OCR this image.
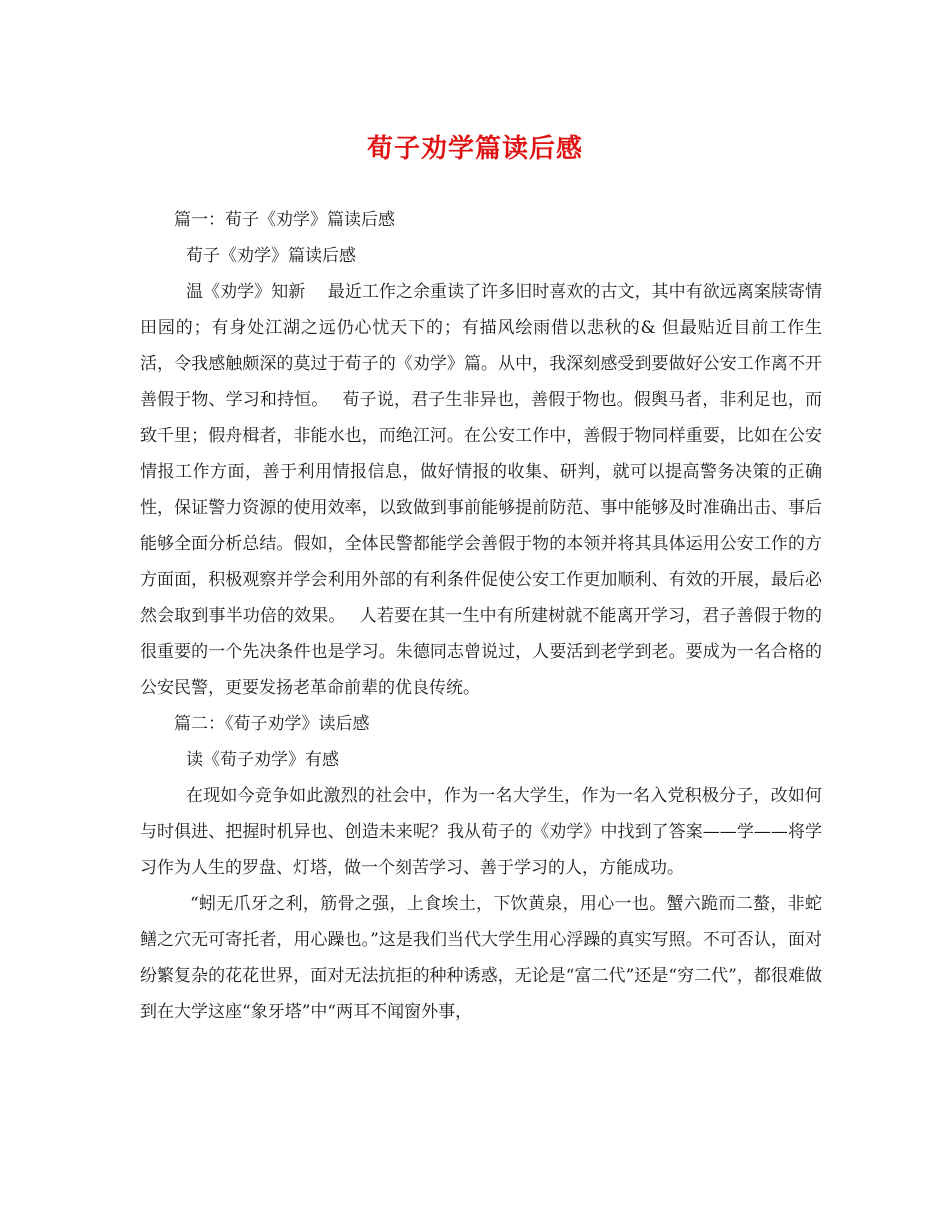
荀子劝学篇读后感

篇一：荀子《劝学》篇读后感

荀子《劝学》篇读后感

温《劝学》知新　 最近工作之余重读了许多旧时喜欢的古文，其中有欲远离案牍寄情田园的；有身处江湖之远仍心忧天下的；有描风绘雨借以悲秋的& 但最贴近目前工作生活，令我感触颇深的莫过于荀子的《劝学》篇。从中，我深刻感受到要做好公安工作离不开善假于物、学习和持恒。　 荀子说，君子生非异也，善假于物也。假舆马者，非利足也，而致千里；假舟楫者，非能水也，而绝江河。在公安工作中，善假于物同样重要，比如在公安情报工作方面，善于利用情报信息，做好情报的收集、研判，就可以提高警务决策的正确性，保证警力资源的使用效率，以致做到事前能够提前防范、事中能够及时准确出击、事后能够全面分析总结。假如，全体民警都能学会善假于物的本领并将其具体运用公安工作的方方面面，积极观察并学会利用外部的有利条件促使公安工作更加顺利、有效的开展，最后必然会取到事半功倍的效果。　 人若要在其一生中有所建树就不能离开学习，君子善假于物的很重要的一个先决条件也是学习。朱德同志曾说过，人要活到老学到老。要成为一名合格的公安民警，更要发扬老革命前辈的优良传统。

篇二：《荀子劝学》读后感

读《荀子劝学》有感

在现如今竞争如此激烈的社会中，作为一名大学生，作为一名入党积极分子，改如何与时俱进、把握时机异也、创造未来呢？我从荀子的《劝学》中找到了答案——学——将学习作为人生的罗盘、灯塔，做一个刻苦学习、善于学习的人，方能成功。

“蚓无爪牙之利，筋骨之强，上食埃土，下饮黄泉，用心一也。蟹六跪而二螯，非蛇鳝之穴无可寄托者，用心躁也。”这是我们当代大学生用心浮躁的真实写照。不可否认，面对纷繁复杂的花花世界，面对无法抗拒的种种诱惑，无论是“富二代”还是“穷二代”，都很难做到在大学这座“象牙塔”中“两耳不闻窗外事，
